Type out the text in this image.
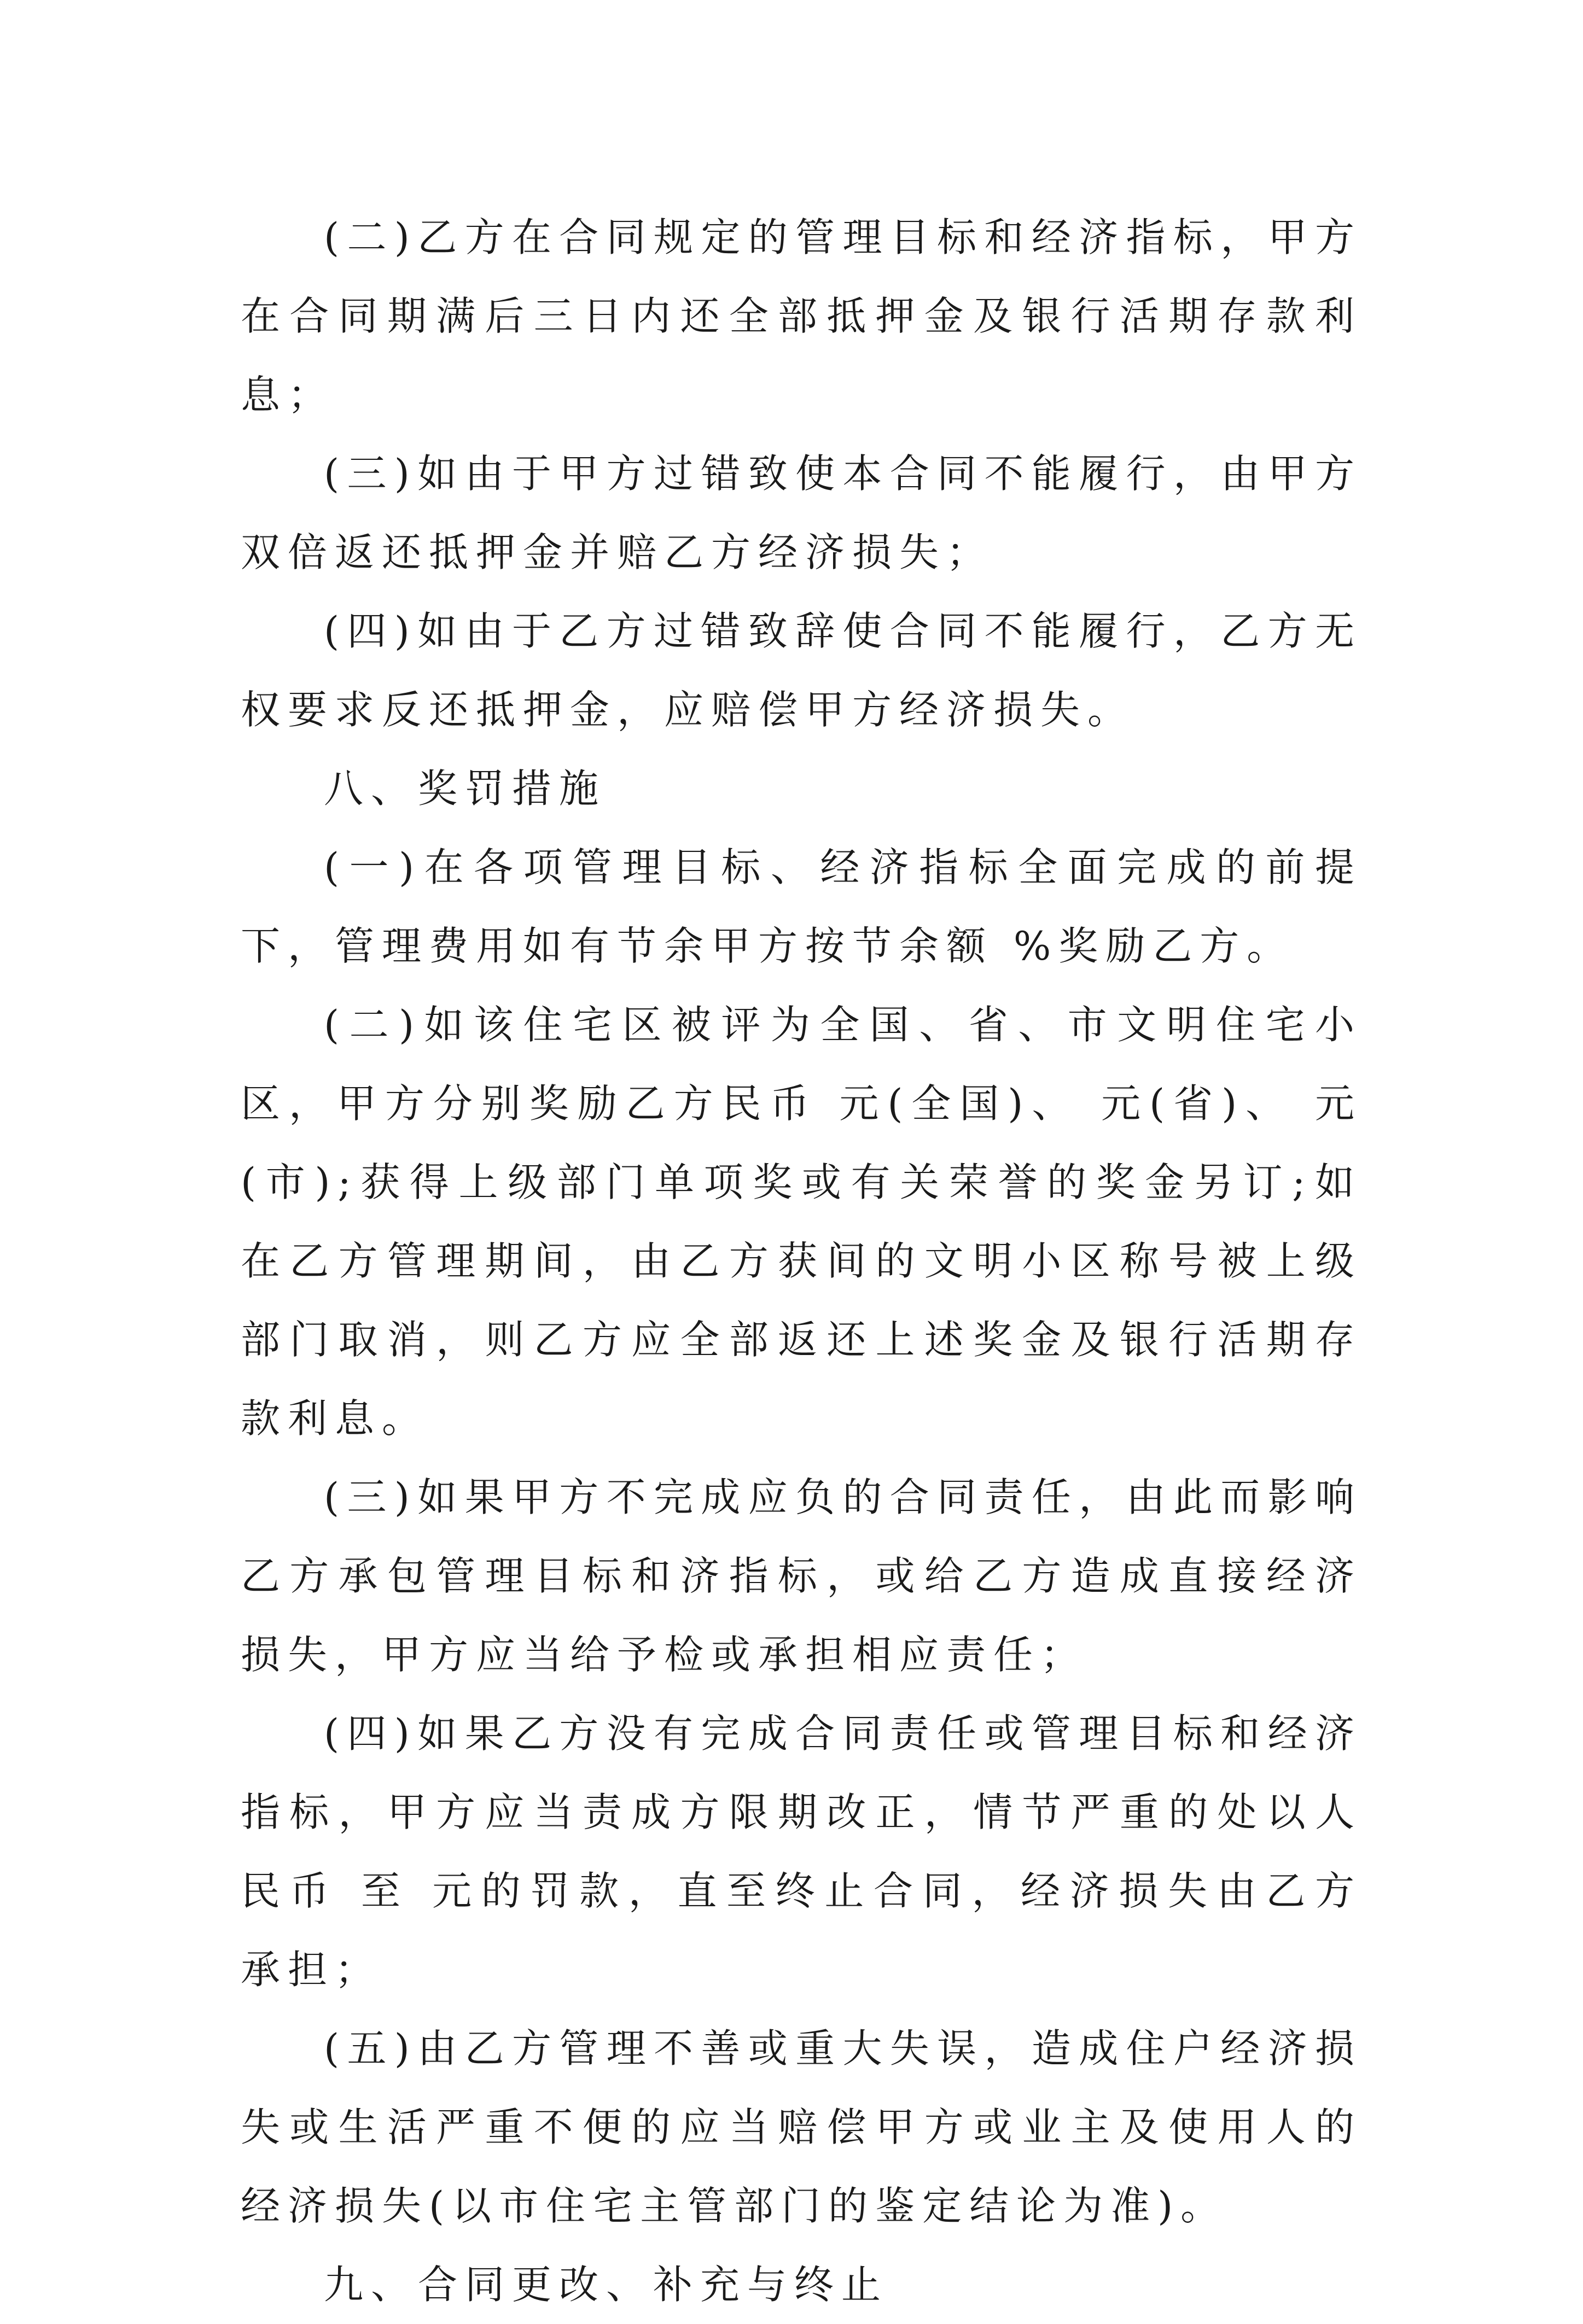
(二)乙方在合同规定的管理目标和经济指标，甲方在合同期满后三日内还全部抵押金及银行活期存款利息；

(三)如由于甲方过错致使本合同不能履行，由甲方双倍返还抵押金并赔乙方经济损失；

(四)如由于乙方过错致辞使合同不能履行，乙方无权要求反还抵押金，应赔偿甲方经济损失。

八、奖罚措施

(一)在各项管理目标、经济指标全面完成的前提下，管理费用如有节余甲方按节余额 %奖励乙方。

(二)如该住宅区被评为全国、省、市文明住宅小区，甲方分别奖励乙方民币 元(全国)、 元(省)、 元(市);获得上级部门单项奖或有关荣誉的奖金另订;如在乙方管理期间，由乙方获间的文明小区称号被上级部门取消，则乙方应全部返还上述奖金及银行活期存款利息。

(三)如果甲方不完成应负的合同责任，由此而影响乙方承包管理目标和济指标，或给乙方造成直接经济损失，甲方应当给予检或承担相应责任；

(四)如果乙方没有完成合同责任或管理目标和经济指标，甲方应当责成方限期改正，情节严重的处以人民币 至 元的罚款，直至终止合同，经济损失由乙方承担；

(五)由乙方管理不善或重大失误，造成住户经济损失或生活严重不便的应当赔偿甲方或业主及使用人的经济损失(以市住宅主管部门的鉴定结论为准)。

九、合同更改、补充与终止
